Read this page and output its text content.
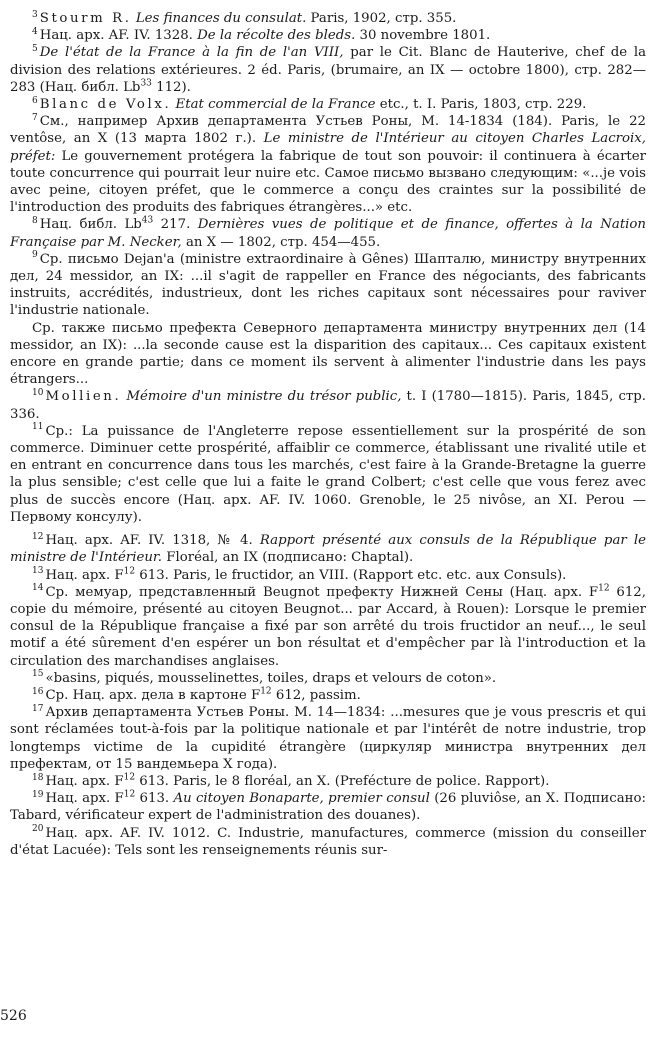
$^3$ Stourm R. Les finances du consulat. Paris, 1902, стр. 355.

$^4$ Нац. арх. AF. IV. 1328. De la récolte des bleds. 30 novembre 1801.

$^5$ De l'état de la France à la fin de l'an VIII, par le Cit. Blanc de Hauterive, chef de la division des relations extérieures. 2 éd. Paris, (brumaire, an IX — octobre 1800), стр. 282—283 (Нац. библ. Lb$^{33}$ 112).

$^6$ Blanc de Volx. Etat commercial de la France etc., t. I. Paris, 1803, стр. 229.

$^7$ См., например Архив департамента Устьев Роны, M. 14-1834 (184). Paris, le 22 ventôse, an X (13 марта 1802 г.). Le ministre de l'Intérieur au citoyen Charles Lacroix, préfet: Le gouvernement protégera la fabrique de tout son pouvoir: il continuera à écarter toute concurrence qui pourrait leur nuire etc. Самое письмо вызвано следующим: «...je vois avec peine, citoyen préfet, que le commerce a conçu des craintes sur la possibilité de l'introduction des produits des fabriques étrangères...» etc.

$^8$ Нац. библ. Lb$^{43}$ 217. Dernières vues de politique et de finance, offertes à la Nation Française par M. Necker, an X — 1802, стр. 454—455.

$^9$ Ср. письмо Dejan'a (ministre extraordinaire à Gênes) Шапталю, министру внутренних дел, 24 messidor, an IX: ...il s'agit de rappeller en France des négociants, des fabricants instruits, accrédités, industrieux, dont les riches capitaux sont nécessaires pour raviver l'industrie nationale.

Ср. также письмо префекта Северного департамента министру внутренних дел (14 messidor, an IX): ...la seconde cause est la disparition des capitaux... Ces capitaux existent encore en grande partie; dans ce moment ils servent à alimenter l'industrie dans les pays étrangers...

$^{10}$ Mollien. Mémoire d'un ministre du trésor public, t. I (1780—1815). Paris, 1845, стр. 336.

$^{11}$ Ср.: La puissance de l'Angleterre repose essentiellement sur la prospérité de son commerce. Diminuer cette prospérité, affaiblir ce commerce, établissant une rivalité utile et en entrant en concurrence dans tous les marchés, c'est faire à la Grande-Bretagne la guerre la plus sensible; c'est celle que lui a faite le grand Colbert; c'est celle que vous ferez avec plus de succès encore (Нац. арх. AF. IV. 1060. Grenoble, le 25 nivôse, an XI. Perou — Первому консулу).

$^{12}$ Нац. арх. AF. IV. 1318, № 4. Rapport présenté aux consuls de la République par le ministre de l'Intérieur. Floréal, an IX (подписано: Chaptal).

$^{13}$ Нац. арх. $F^{12}$ 613. Paris, le fructidor, an VIII. (Rapport etc. etc. aux Consuls).

$^{14}$ Ср. мемуар, представленный Beugnot префекту Нижней Сены (Нац. арх. $F^{12}$ 612, copie du mémoire, présenté au citoyen Beugnot... par Accard, à Rouen): Lorsque le premier consul de la République française a fixé par son arrêté du trois fructidor an neuf..., le seul motif a été sûrement d'en espérer un bon résultat et d'empêcher par là l'introduction et la circulation des marchandises anglaises.

$^{15}$ «basins, piqués, mousselinettes, toiles, draps et velours de coton».

$^{16}$ Ср. Нац. арх. дела в картоне $F^{12}$ 612, passim.

$^{17}$ Архив департамента Устьев Роны. M. 14—1834: ...mesures que je vous prescris et qui sont réclamées tout-à-fois par la politique nationale et par l'intérêt de notre industrie, trop longtemps victime de la cupidité étrangère (циркуляр министра внутренних дел префектам, от 15 вандемьера X года).

$^{18}$ Нац. арх. $F^{12}$ 613. Paris, le 8 floréal, an X. (Prefécture de police. Rapport).

$^{19}$ Нац. арх. $F^{12}$ 613. Au citoyen Bonaparte, premier consul (26 pluviôse, an X. Подписано: Tabard, vérificateur expert de l'administration des douanes).

$^{20}$ Нац. арх. AF. IV. 1012. C. Industrie, manufactures, commerce (mission du conseiller d'état Lacuée): Tels sont les renseignements réunis sur-

526
